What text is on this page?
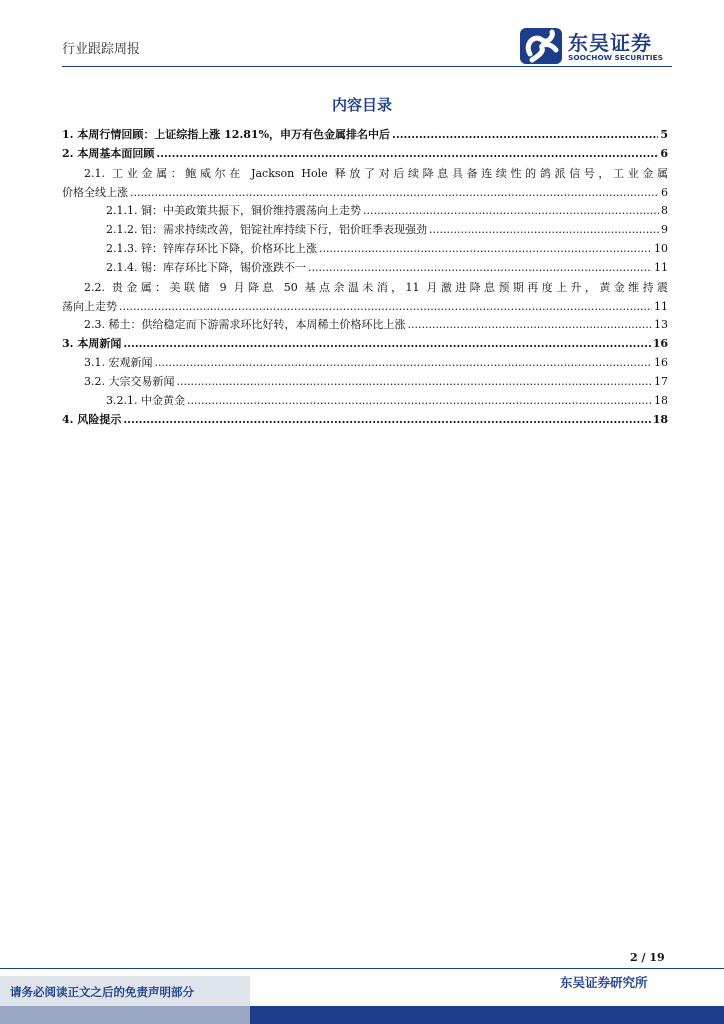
行业跟踪周报	东吴证券
SOOCHOW SECURITIES
内容目录
1. 本周行情回顾：上证综指上涨 12.81%，申万有色金属排名中后 .....	5
2. 本周基本面回顾 .....	6
2.1. 工业金属：鲍威尔在 Jackson Hole 释放了对后续降息具备连续性的鸽派信号，工业金属
价格全线上涨 .....	6
2.1.1. 铜：中美政策共振下，铜价维持震荡向上走势 .....	8
2.1.2. 铝：需求持续改善，铝锭社库持续下行，铝价旺季表现强劲 .....	9
2.1.3. 锌：锌库存环比下降，价格环比上涨 .....	10
2.1.4. 锡：库存环比下降，锡价涨跌不一 .....	11
2.2. 贵金属：美联储 9 月降息 50 基点余温未消，11 月激进降息预期再度上升，黄金维持震
荡向上走势 .....	11
2.3. 稀土：供给稳定而下游需求环比好转，本周稀土价格环比上涨 .....	13
3. 本周新闻 .....	16
3.1. 宏观新闻 .....	16
3.2. 大宗交易新闻 .....	17
3.2.1. 中金黄金 .....	18
4. 风险提示 .....	18
2 / 19
请务必阅读正文之后的免责声明部分
东吴证券研究所
